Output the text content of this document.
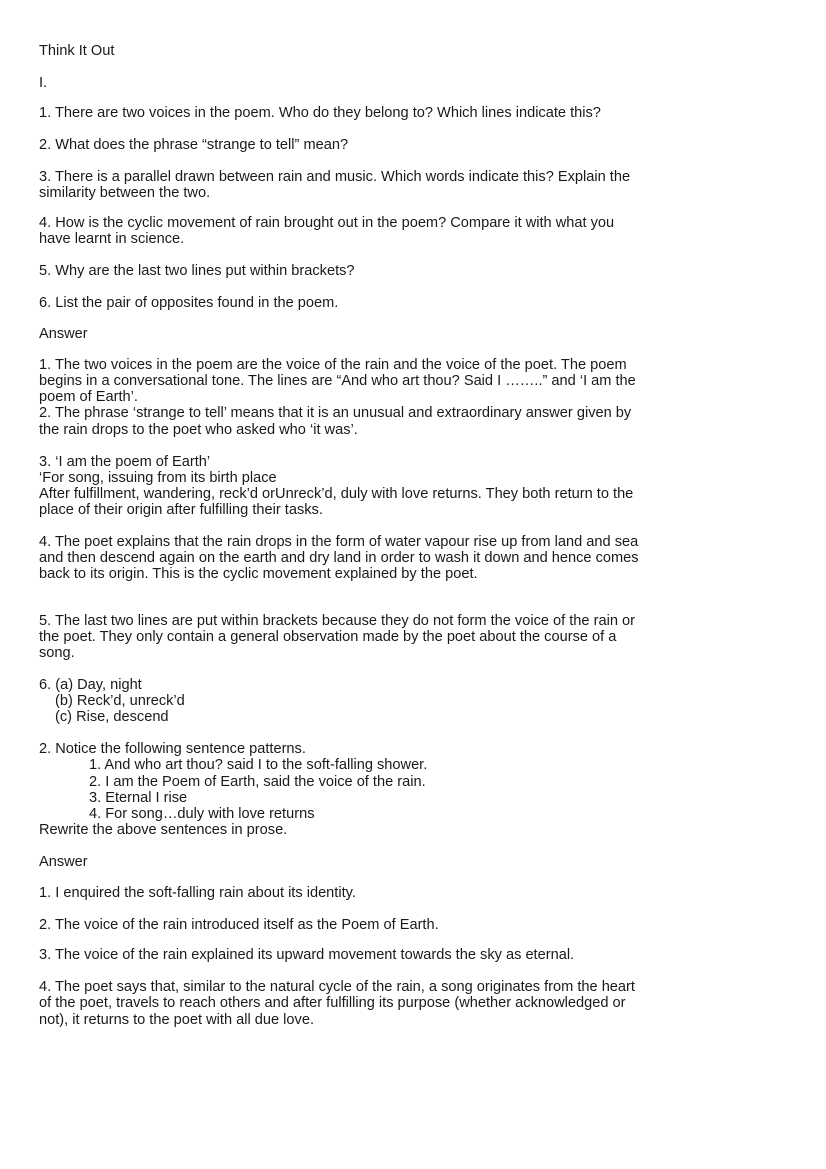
Think It Out
I.
1. There are two voices in the poem. Who do they belong to? Which lines indicate this?
2. What does the phrase “strange to tell” mean?
3. There is a parallel drawn between rain and music. Which words indicate this? Explain the
similarity between the two.
4. How is the cyclic movement of rain brought out in the poem? Compare it with what you
have learnt in science.
5. Why are the last two lines put within brackets?
6. List the pair of opposites found in the poem.
Answer
1. The two voices in the poem are the voice of the rain and the voice of the poet. The poem
begins in a conversational tone. The lines are “And who art thou? Said I ……..” and ‘I am the
poem of Earth’.
2. The phrase ‘strange to tell’ means that it is an unusual and extraordinary answer given by
the rain drops to the poet who asked who ‘it was’.
3. ‘I am the poem of Earth’
‘For song, issuing from its birth place
After fulfillment, wandering, reck’d orUnreck’d, duly with love returns. They both return to the
place of their origin after fulfilling their tasks.
4. The poet explains that the rain drops in the form of water vapour rise up from land and sea
and then descend again on the earth and dry land in order to wash it down and hence comes
back to its origin. This is the cyclic movement explained by the poet.
5. The last two lines are put within brackets because they do not form the voice of the rain or
the poet. They only contain a general observation made by the poet about the course of a
song.
6. (a) Day, night
(b) Reck’d, unreck’d
(c) Rise, descend
2. Notice the following sentence patterns.
1. And who art thou? said I to the soft-falling shower.
2. I am the Poem of Earth, said the voice of the rain.
3. Eternal I rise
4. For song…duly with love returns
Rewrite the above sentences in prose.
Answer
1. I enquired the soft-falling rain about its identity.
2. The voice of the rain introduced itself as the Poem of Earth.
3. The voice of the rain explained its upward movement towards the sky as eternal.
4. The poet says that, similar to the natural cycle of the rain, a song originates from the heart
of the poet, travels to reach others and after fulfilling its purpose (whether acknowledged or
not), it returns to the poet with all due love.
